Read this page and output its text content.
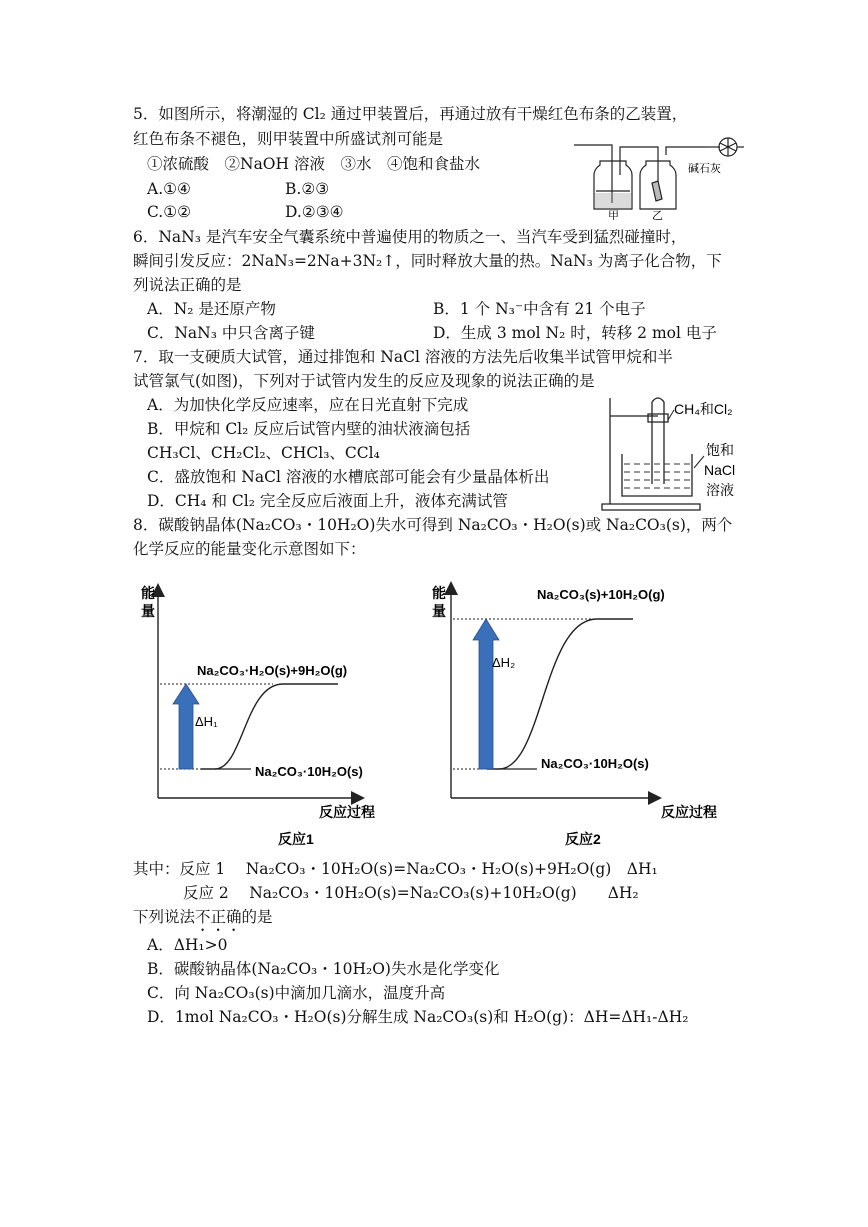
5．如图所示，将潮湿的 Cl₂ 通过甲装置后，再通过放有干燥红色布条的乙装置，
红色布条不褪色，则甲装置中所盛试剂可能是
①浓硫酸　②NaOH 溶液　③水　④饱和食盐水
A.①④	B.②③
C.①②	D.②③④	甲	乙
碱石灰
6．NaN₃ 是汽车安全气囊系统中普遍使用的物质之一、当汽车受到猛烈碰撞时，
瞬间引发反应：2NaN₃=2Na+3N₂↑，同时释放大量的热。NaN₃ 为离子化合物，下
列说法正确的是
A．N₂ 是还原产物	B．1 个 N₃⁻中含有 21 个电子
C．NaN₃ 中只含离子键	D．生成 3 mol N₂ 时，转移 2 mol 电子
7．取一支硬质大试管，通过排饱和 NaCl 溶液的方法先后收集半试管甲烷和半
试管氯气(如图)，下列对于试管内发生的反应及现象的说法正确的是
A．为加快化学反应速率，应在日光直射下完成
B．甲烷和 Cl₂ 反应后试管内壁的油状液滴包括
CH₃Cl、CH₂Cl₂、CHCl₃、CCl₄
C．盛放饱和 NaCl 溶液的水槽底部可能会有少量晶体析出
D．CH₄ 和 Cl₂ 完全反应后液面上升，液体充满试管
CH₄和Cl₂
饱和
NaCl
溶液
8．碳酸钠晶体(Na₂CO₃・10H₂O)失水可得到 Na₂CO₃・H₂O(s)或 Na₂CO₃(s)，两个
化学反应的能量变化示意图如下：
能
量
反应过程
ΔH₁
Na₂CO₃·H₂O(s)+9H₂O(g)
Na₂CO₃·10H₂O(s)
反应1
能
量
反应过程
ΔH₂
Na₂CO₃(s)+10H₂O(g)
Na₂CO₃·10H₂O(s)
反应2
其中：反应 1　 Na₂CO₃・10H₂O(s)=Na₂CO₃・H₂O(s)+9H₂O(g)　ΔH₁
反应 2　 Na₂CO₃・10H₂O(s)=Na₂CO₃(s)+10H₂O(g)　　ΔH₂
下列说法不正确的是
A．ΔH₁>0
B．碳酸钠晶体(Na₂CO₃・10H₂O)失水是化学变化
C．向 Na₂CO₃(s)中滴加几滴水，温度升高
D．1mol Na₂CO₃・H₂O(s)分解生成 Na₂CO₃(s)和 H₂O(g)：ΔH=ΔH₁-ΔH₂
